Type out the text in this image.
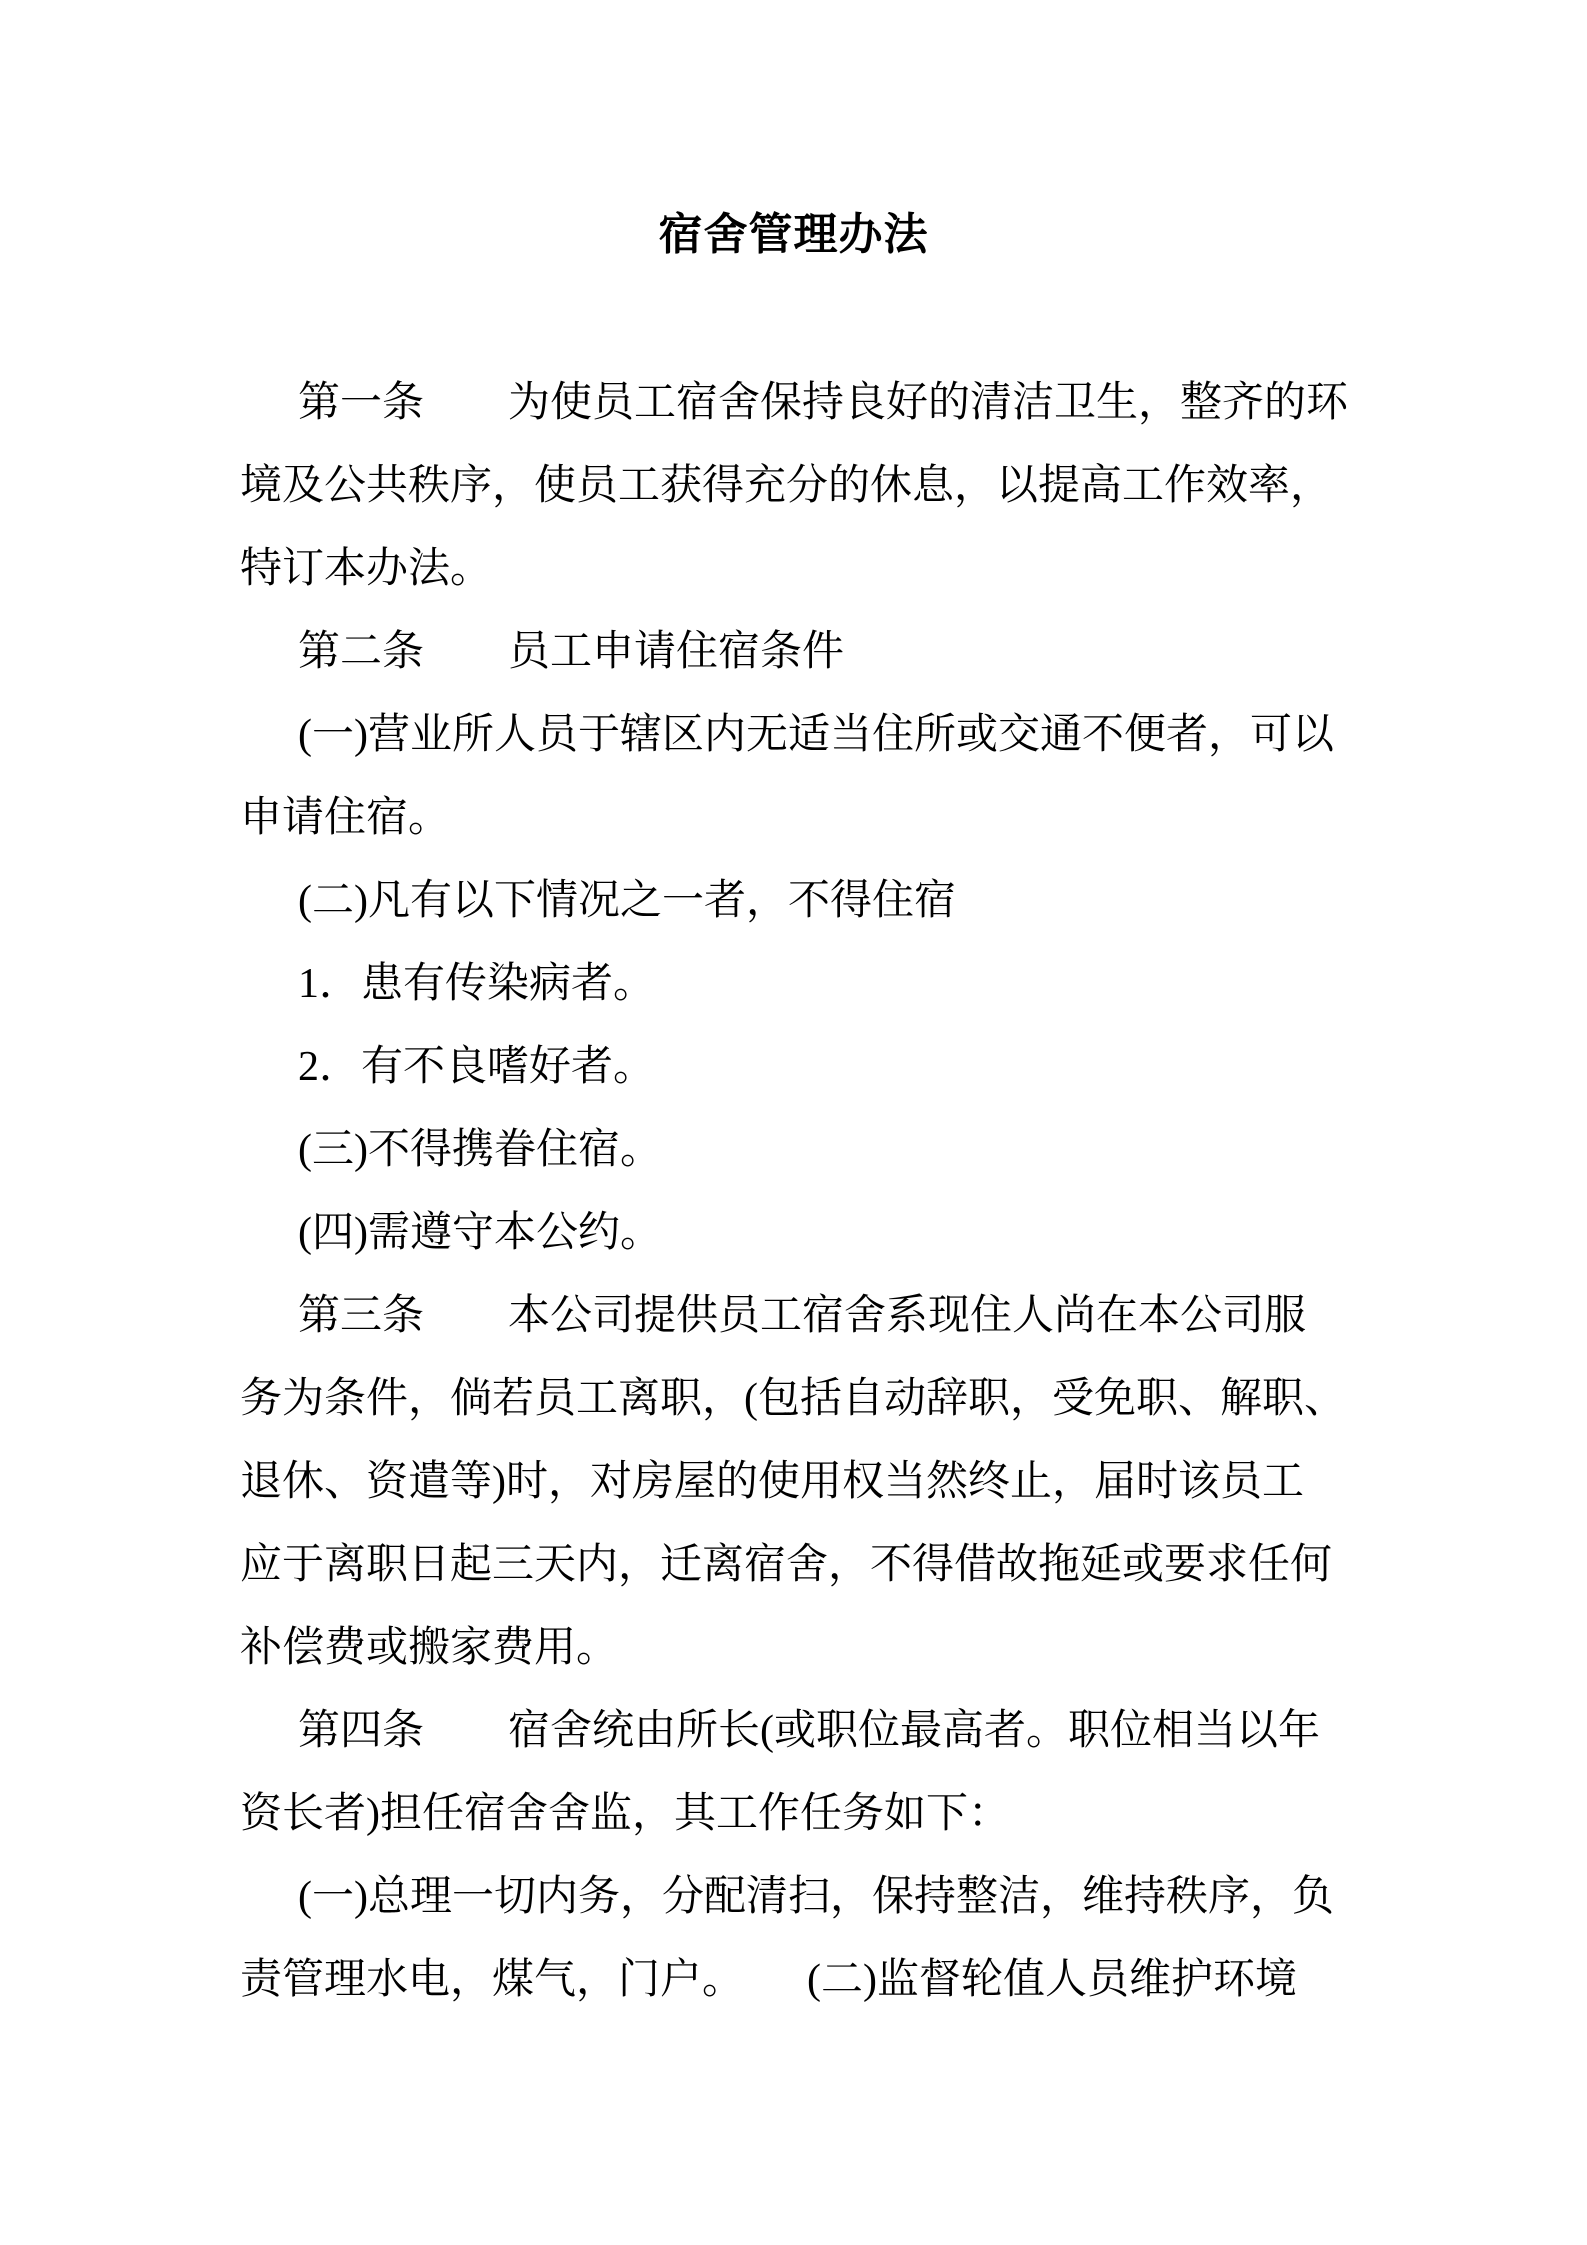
宿舍管理办法
第一条　　为使员工宿舍保持良好的清洁卫生，整齐的环
境及公共秩序，使员工获得充分的休息，以提高工作效率，
特订本办法。
第二条　　员工申请住宿条件
(一)营业所人员于辖区内无适当住所或交通不便者，可以
申请住宿。
(二)凡有以下情况之一者，不得住宿
1．患有传染病者。
2．有不良嗜好者。
(三)不得携眷住宿。
(四)需遵守本公约。
第三条　　本公司提供员工宿舍系现住人尚在本公司服
务为条件，倘若员工离职，(包括自动辞职，受免职、解职、
退休、资遣等)时，对房屋的使用权当然终止，届时该员工
应于离职日起三天内，迁离宿舍，不得借故拖延或要求任何
补偿费或搬家费用。
第四条　　宿舍统由所长(或职位最高者。职位相当以年
资长者)担任宿舍舍监，其工作任务如下：
(一)总理一切内务，分配清扫，保持整洁，维持秩序，负
责管理水电，煤气，门户。　　(二)监督轮值人员维护环境
